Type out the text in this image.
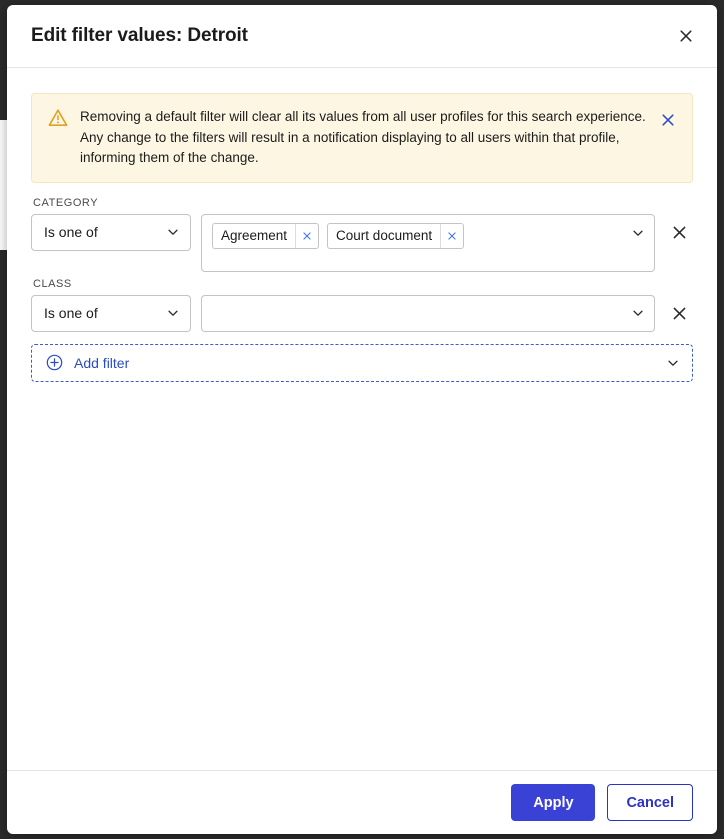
Edit filter values: Detroit
Removing a default filter will clear all its values from all user profiles for this search experience. Any change to the filters will result in a notification displaying to all users within that profile, informing them of the change.
CATEGORY
Is one of	Agreement	Court document
CLASS
Is one of
Add filter
Apply	Cancel
